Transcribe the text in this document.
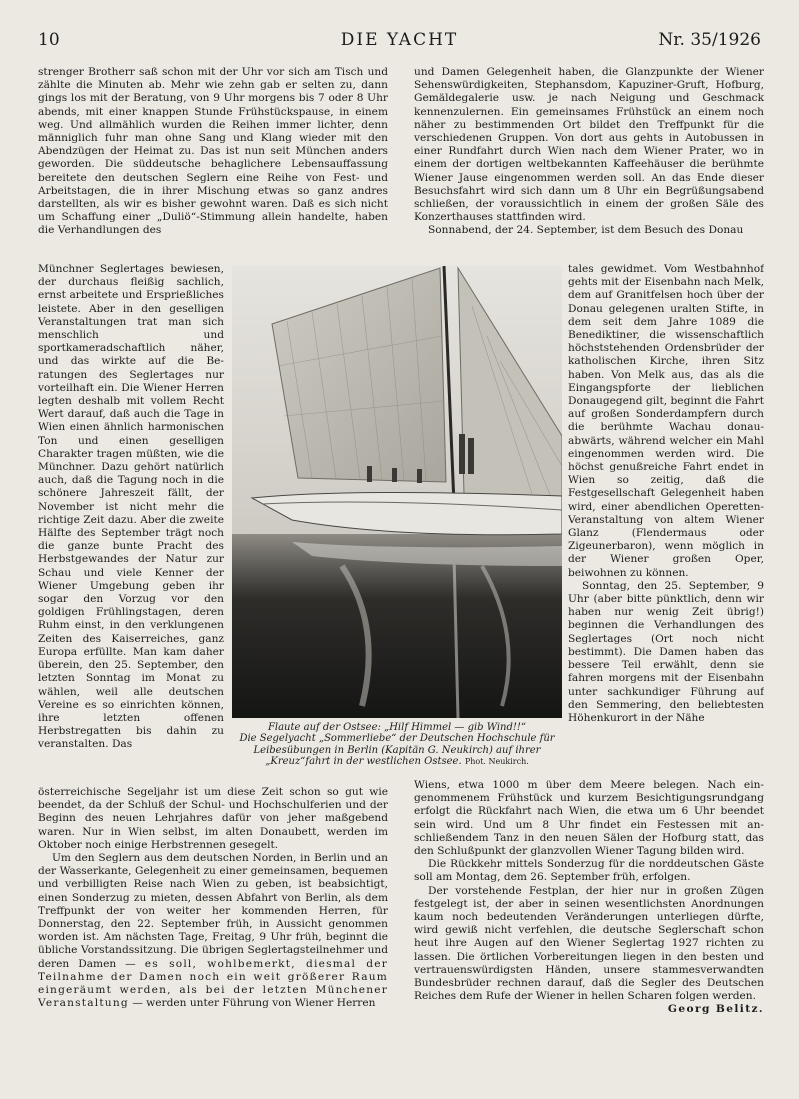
10	DIE YACHT	Nr. 35/1926

strenger Brotherr saß schon mit der Uhr vor sich am Tisch und zählte die Minuten ab. Mehr wie zehn gab er selten zu, dann gings los mit der Beratung, von 9 Uhr morgens bis 7 oder 8 Uhr abends, mit einer knappen Stunde Frühstückspause, in einem weg. Und allmählich wurden die Reihen immer lichter, denn männiglich fuhr man ohne Sang und Klang wieder mit den Abendzügen der Heimat zu. Das ist nun seit München anders geworden. Die süddeutsche behaglichere Lebensauffassung bereitete den deutschen Seglern eine Reihe von Fest- und Arbeitstagen, die in ihrer Mischung etwas so ganz andres darstellten, als wir es bisher gewohnt waren. Daß es sich nicht um Schaffung einer „Duliö“-Stimmung allein handelte, haben die Verhandlungen des

Münchner Seglertages bewiesen, der durchaus fleißig sachlich, ernst arbeitete und Ersprießliches leistete. Aber in den geselligen Veranstaltungen trat man sich menschlich und sportkameradschaftlich näher, und das wirkte auf die Beratungen des Seglertages nur vorteilhaft ein. Die Wiener Herren legten deshalb mit vollem Recht Wert darauf, daß auch die Tage in Wien einen ähnlich harmonischen Ton und einen geselligen Charakter tragen müßten, wie die Münchner. Dazu gehört natürlich auch, daß die Tagung noch in die schönere Jahreszeit fällt, der November ist nicht mehr die richtige Zeit dazu. Aber die zweite Hälfte des September trägt noch die ganze bunte Pracht des Herbstgewandes der Natur zur Schau und viele Kenner der Wiener Umgebung geben ihr sogar den Vorzug vor den goldigen Frühlingstagen, deren Ruhm einst, in den verklungenen Zeiten des Kaiserreiches, ganz Europa erfüllte. Man kam daher überein, den 25. September, den letzten Sonntag im Monat zu wählen, weil alle deutschen Vereine es so einrichten können, ihre letzten offenen Herbstregatten bis dahin zu veranstalten. Das

österreichische Segeljahr ist um diese Zeit schon so gut wie beendet, da der Schluß der Schul- und Hochschulferien und der Beginn des neuen Lehrjahres dafür von jeher maßgebend waren. Nur in Wien selbst, im alten Donaubett, werden im Oktober noch einige Herbstrennen gesegelt.

Um den Seglern aus dem deutschen Norden, in Berlin und an der Wasserkante, Gelegenheit zu einer gemeinsamen, bequemen und verbilligten Reise nach Wien zu geben, ist beabsichtigt, einen Sonderzug zu mieten, dessen Abfahrt von Berlin, als dem Treffpunkt der von weiter her kommenden Herren, für Donnerstag, den 22. September früh, in Aussicht genommen worden ist. Am nächsten Tage, Freitag, 9 Uhr früh, beginnt die übliche Vorstandssitzung. Die übrigen Seglertagsteilnehmer und deren Damen — es soll, wohlbemerkt, diesmal der Teilnahme der Damen noch ein weit größerer Raum eingeräumt werden, als bei der letzten Münchener Veranstaltung — werden unter Führung von Wiener Herren

Flaute auf der Ostsee: „Hilf Himmel — gib Wind!!“
Die Segelyacht „Sommerliebe“ der Deutschen Hochschule für Leibesübungen in Berlin (Kapitän G. Neukirch) auf ihrer „Kreuz“fahrt in der westlichen Ostsee. Phot. Neukirch.

und Damen Gelegenheit haben, die Glanzpunkte der Wiener Sehenswürdigkeiten, Stephansdom, Kapuziner-Gruft, Hofburg, Gemäldegalerie usw. je nach Neigung und Geschmack kennenzulernen. Ein gemeinsames Frühstück an einem noch näher zu bestimmenden Ort bildet den Treffpunkt für die verschiedenen Gruppen. Von dort aus gehts in Autobussen in einer Rundfahrt durch Wien nach dem Wiener Prater, wo in einem der dortigen weltbekannten Kaffeehäuser die berühmte Wiener Jause eingenommen werden soll. An das Ende dieser Besuchsfahrt wird sich dann um 8 Uhr ein Begrüßungsabend schließen, der voraussichtlich in einem der großen Säle des Konzerthauses stattfinden wird.

Sonnabend, der 24. September, ist dem Besuch des Donau

tales gewidmet. Vom Westbahnhof gehts mit der Eisenbahn nach Melk, dem auf Granitfelsen hoch über der Donau gelegenen uralten Stifte, in dem seit dem Jahre 1089 die Benediktiner, die wissenschaftlich höchststehenden Ordensbrüder der katholischen Kirche, ihren Sitz haben. Von Melk aus, das als die Eingangspforte der lieblichen Donaugegend gilt, beginnt die Fahrt auf großen Sonderdampfern durch die berühmte Wachau donauabwärts, während welcher ein Mahl eingenommen werden wird. Die höchst genußreiche Fahrt endet in Wien so zeitig, daß die Festgesellschaft Gelegenheit haben wird, einer abendlichen Operetten-Veranstaltung von altem Wiener Glanz (Flendermaus oder Zigeunerbaron), wenn möglich in der Wiener großen Oper, beiwohnen zu können.

Sonntag, den 25. September, 9 Uhr (aber bitte pünktlich, denn wir haben nur wenig Zeit übrig!) beginnen die Verhandlungen des Seglertages (Ort noch nicht bestimmt). Die Damen haben das bessere Teil erwählt, denn sie fahren morgens mit der Eisenbahn unter sachkundiger Führung auf den Semmering, den beliebtesten Höhenkurort in der Nähe

Wiens, etwa 1000 m über dem Meere belegen. Nach eingenommenem Frühstück und kurzem Besichtigungsrundgang erfolgt die Rückfahrt nach Wien, die etwa um 6 Uhr beendet sein wird. Und um 8 Uhr findet ein Festessen mit anschließendem Tanz in den neuen Sälen der Hofburg statt, das den Schlußpunkt der glanzvollen Wiener Tagung bilden wird.

Die Rückkehr mittels Sonderzug für die norddeutschen Gäste soll am Montag, dem 26. September früh, erfolgen.

Der vorstehende Festplan, der hier nur in großen Zügen festgelegt ist, der aber in seinen wesentlichsten Anordnungen kaum noch bedeutenden Veränderungen unterliegen dürfte, wird gewiß nicht verfehlen, die deutsche Seglerschaft schon heut ihre Augen auf den Wiener Seglertag 1927 richten zu lassen. Die örtlichen Vorbereitungen liegen in den besten und vertrauenswürdigsten Händen, unsere stammesverwandten Bundesbrüder rechnen darauf, daß die Segler des Deutschen Reiches dem Rufe der Wiener in hellen Scharen folgen werden.

Georg Belitz.
